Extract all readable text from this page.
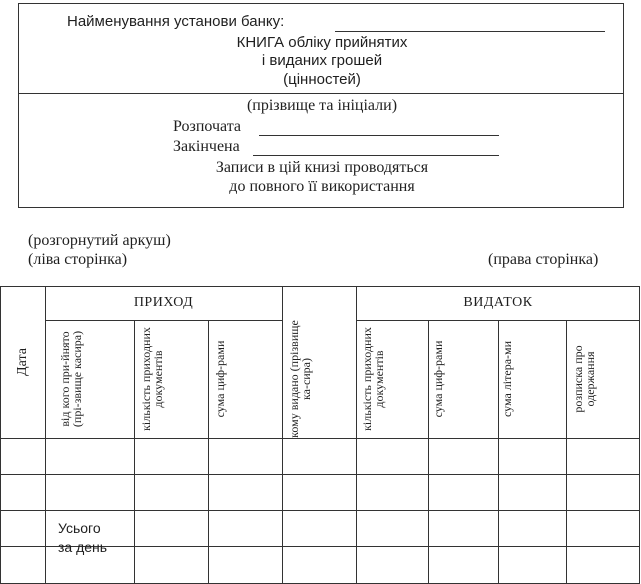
Найменування установи банку:
КНИГА обліку прийнятих
і виданих грошей
(цінностей)
(прізвище та ініціали)
Розпочата
Закінчена
Записи в цій книзі проводяться
до повного її використання
(розгорнутий аркуш)
(ліва сторінка)	(права сторінка)
ПРИХОД	ВИДАТОК
Дата	від кого при-йнято (прі-звище касира)	кількість приходних документів	сума циф-рами	кому видано (прізвище ка-сира)	кількість приходних документів	сума циф-рами	сума літера-ми	розписка про одержання
Усього
за день
